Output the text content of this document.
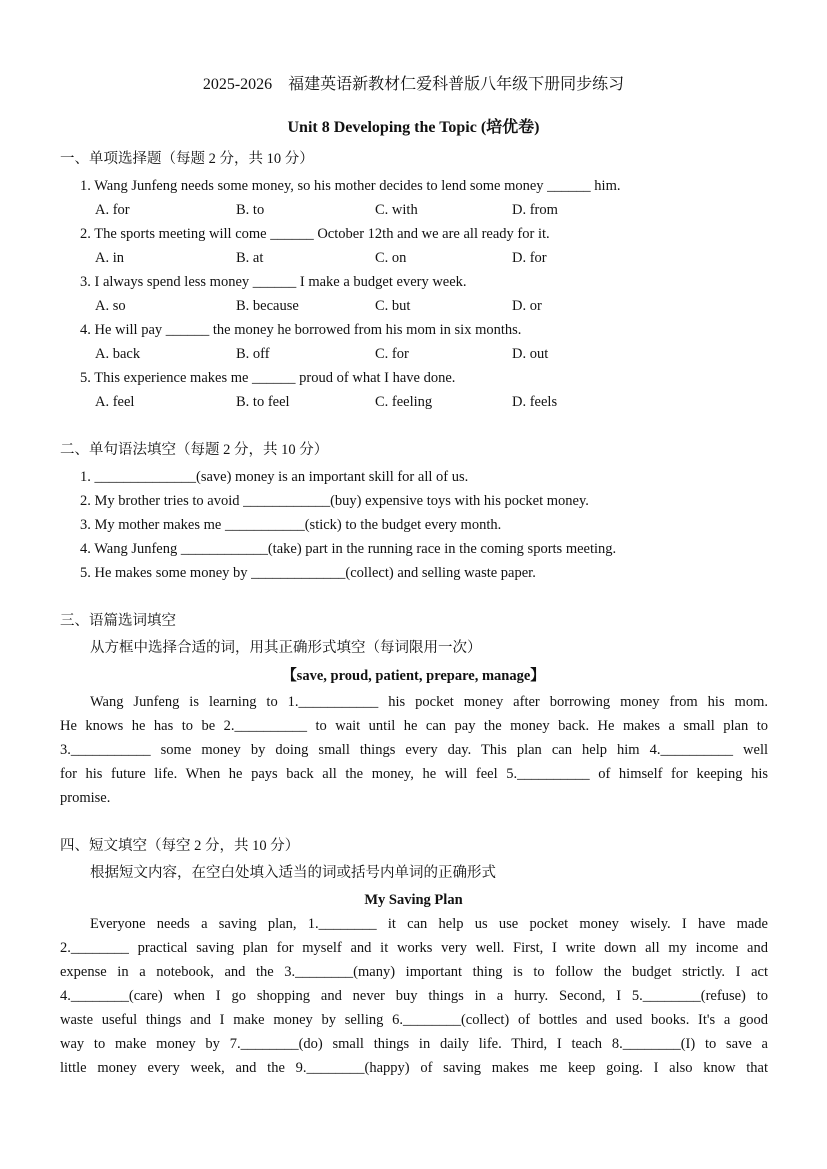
2025-2026　福建英语新教材仁爱科普版八年级下册同步练习
Unit 8 Developing the Topic (培优卷)
一、单项选择题（每题 2 分，共 10 分）
1. Wang Junfeng needs some money, so his mother decides to lend some money ______ him.
A. for	B. to	C. with	D. from
2. The sports meeting will come ______ October 12th and we are all ready for it.
A. in	B. at	C. on	D. for
3. I always spend less money ______ I make a budget every week.
A. so	B. because	C. but	D. or
4. He will pay ______ the money he borrowed from his mom in six months.
A. back	B. off	C. for	D. out
5. This experience makes me ______ proud of what I have done.
A. feel	B. to feel	C. feeling	D. feels
二、单句语法填空（每题 2 分，共 10 分）
1. ______________(save) money is an important skill for all of us.
2. My brother tries to avoid ____________(buy) expensive toys with his pocket money.
3. My mother makes me ___________(stick) to the budget every month.
4. Wang Junfeng ____________(take) part in the running race in the coming sports meeting.
5. He makes some money by _____________(collect) and selling waste paper.
三、语篇选词填空
从方框中选择合适的词，用其正确形式填空（每词限用一次）
【save, proud, patient, prepare, manage】
Wang Junfeng is learning to 1.___________ his pocket money after borrowing money from his mom.
He knows he has to be 2.__________ to wait until he can pay the money back. He makes a small plan to
3.___________ some money by doing small things every day. This plan can help him 4.__________ well
for his future life. When he pays back all the money, he will feel 5.__________ of himself for keeping his
promise.
四、短文填空（每空 2 分，共 10 分）
根据短文内容，在空白处填入适当的词或括号内单词的正确形式
My Saving Plan
Everyone needs a saving plan, 1.________ it can help us use pocket money wisely. I have made
2.________ practical saving plan for myself and it works very well. First, I write down all my income and
expense in a notebook, and the 3.________(many) important thing is to follow the budget strictly. I act
4.________(care) when I go shopping and never buy things in a hurry. Second, I 5.________(refuse) to
waste useful things and I make money by selling 6.________(collect) of bottles and used books. It's a good
way to make money by 7.________(do) small things in daily life. Third, I teach 8.________(I) to save a
little money every week, and the 9.________(happy) of saving makes me keep going. I also know that
